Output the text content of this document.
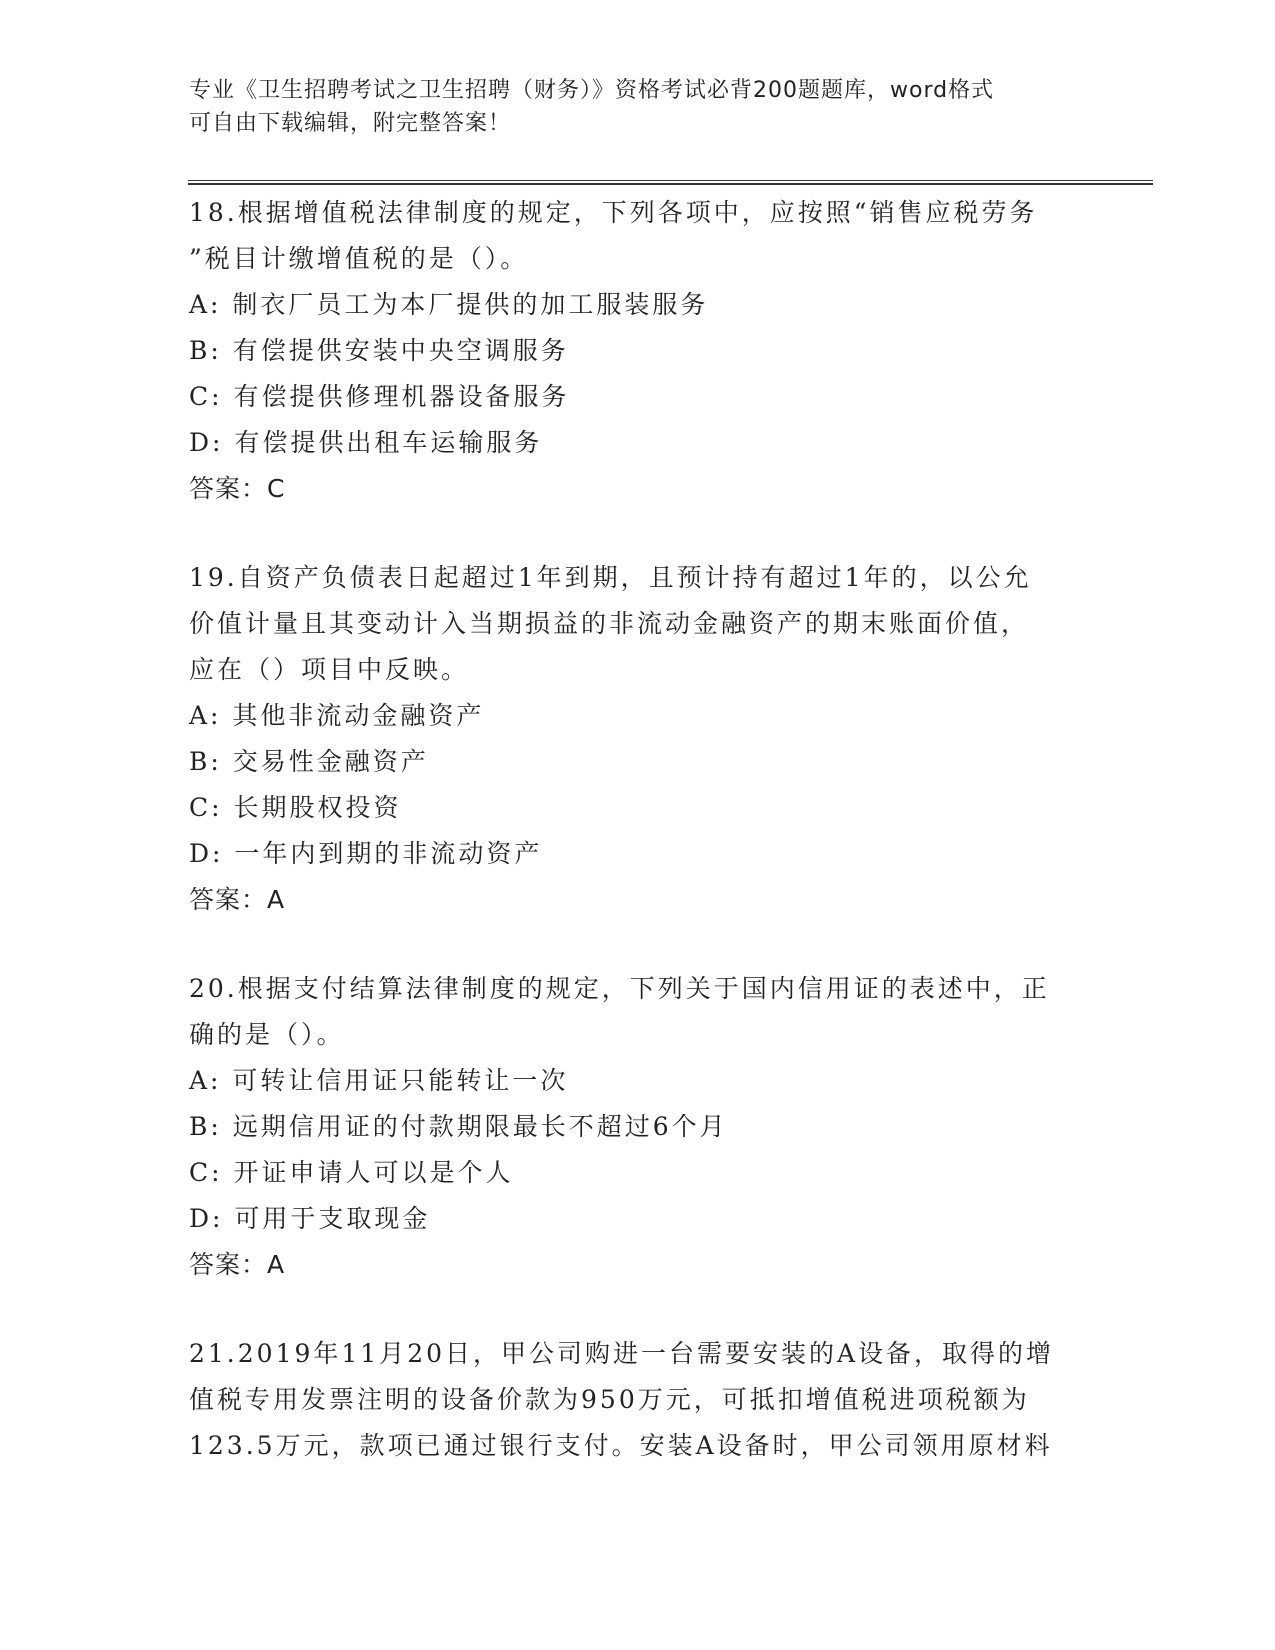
专业《卫生招聘考试之卫生招聘（财务）》资格考试必背200题题库，word格式
可自由下载编辑，附完整答案！

18.根据增值税法律制度的规定，下列各项中，应按照“销售应税劳务

”税目计缴增值税的是（）。

A: 制衣厂员工为本厂提供的加工服装服务

B: 有偿提供安装中央空调服务

C: 有偿提供修理机器设备服务

D: 有偿提供出租车运输服务

答案：C

19.自资产负债表日起超过1年到期，且预计持有超过1年的，以公允

价值计量且其变动计入当期损益的非流动金融资产的期末账面价值，

应在（）项目中反映。

A: 其他非流动金融资产

B: 交易性金融资产

C: 长期股权投资

D: 一年内到期的非流动资产

答案：A

20.根据支付结算法律制度的规定，下列关于国内信用证的表述中，正

确的是（）。

A: 可转让信用证只能转让一次

B: 远期信用证的付款期限最长不超过6个月

C: 开证申请人可以是个人

D: 可用于支取现金

答案：A

21.2019年11月20日，甲公司购进一台需要安装的A设备，取得的增

值税专用发票注明的设备价款为950万元，可抵扣增值税进项税额为

123.5万元，款项已通过银行支付。安装A设备时，甲公司领用原材料
